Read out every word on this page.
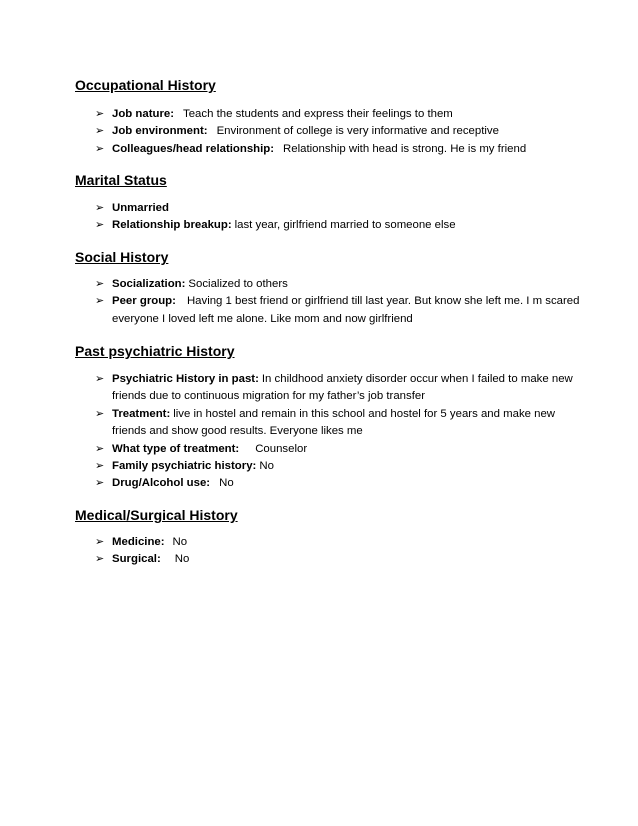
Occupational History
➢ Job nature: Teach the students and express their feelings to them
➢ Job environment: Environment of college is very informative and receptive
➢ Colleagues/head relationship: Relationship with head is strong. He is my friend
Marital Status
➢ Unmarried
➢ Relationship breakup: last year, girlfriend married to someone else
Social History
➢ Socialization: Socialized to others
➢ Peer group: Having 1 best friend or girlfriend till last year. But know she left me. I m scared everyone I loved left me alone. Like mom and now girlfriend
Past psychiatric History
➢ Psychiatric History in past: In childhood anxiety disorder occur when I failed to make new friends due to continuous migration for my father’s job transfer
➢ Treatment: live in hostel and remain in this school and hostel for 5 years and make new friends and show good results. Everyone likes me
➢ What type of treatment: Counselor
➢ Family psychiatric history: No
➢ Drug/Alcohol use: No
Medical/Surgical History
➢ Medicine: No
➢ Surgical: No
